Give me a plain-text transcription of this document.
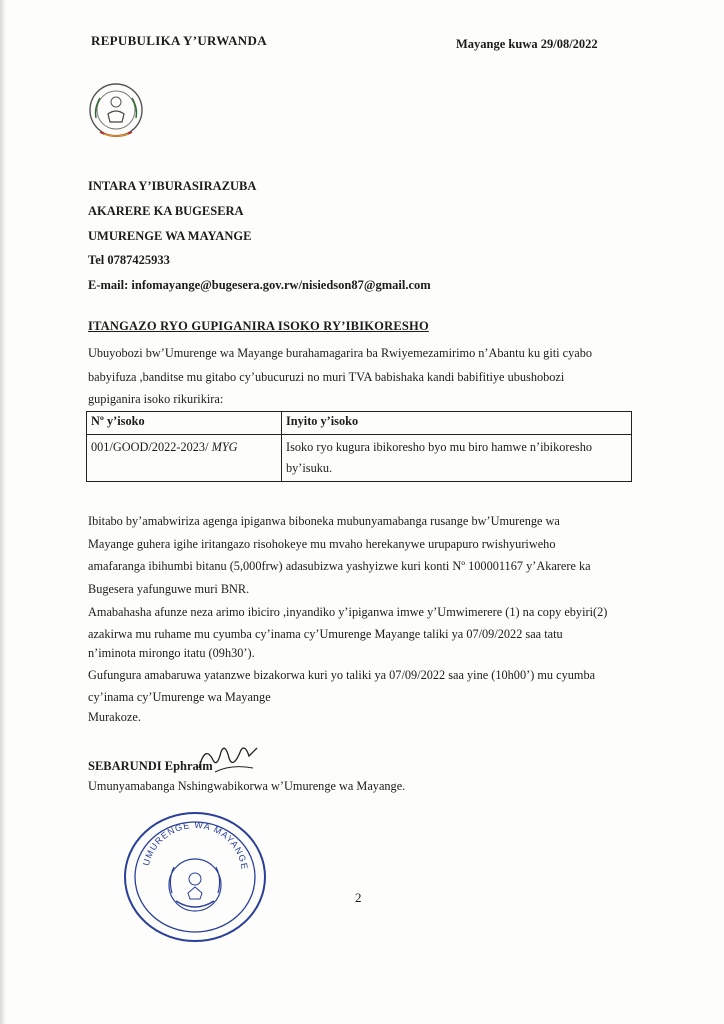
REPUBULIKA Y’URWANDA	Mayange kuwa 29/08/2022
INTARA Y’IBURASIRAZUBA
AKARERE KA BUGESERA
UMURENGE WA MAYANGE
Tel 0787425933
E-mail: infomayange@bugesera.gov.rw/nisiedson87@gmail.com
ITANGAZO RYO GUPIGANIRA ISOKO RY’IBIKORESHO
Ubuyobozi bw’Umurenge wa Mayange burahamagarira ba Rwiyemezamirimo n’Abantu ku giti cyabo
babyifuza ,banditse mu gitabo cy’ubucuruzi no muri TVA babishaka kandi babifitiye ubushobozi
gupiganira isoko rikurikira:
Nº y’isoko	Inyito y’isoko
001/GOOD/2022-2023/ MYG	Isoko ryo kugura ibikoresho byo mu biro hamwe n’ibikoresho
by’isuku.
Ibitabo by’amabwiriza agenga ipiganwa biboneka mubunyamabanga rusange bw’Umurenge wa
Mayange guhera igihe iritangazo risohokeye mu mvaho herekanywe urupapuro rwishyuriweho
amafaranga ibihumbi bitanu (5,000frw) adasubizwa yashyizwe kuri konti Nº 100001167 y’Akarere ka
Bugesera yafunguwe muri BNR.
Amabahasha afunze neza arimo ibiciro ,inyandiko y’ipiganwa imwe y’Umwimerere (1) na copy ebyiri(2)
azakirwa mu ruhame mu cyumba cy’inama cy’Umurenge Mayange taliki ya 07/09/2022 saa tatu
n’iminota mirongo itatu (09h30’).
Gufungura amabaruwa yatanzwe bizakorwa kuri yo taliki ya 07/09/2022 saa yine (10h00’) mu cyumba
cy’inama cy’Umurenge wa Mayange
Murakoze.
SEBARUNDI Ephraim
Umunyamabanga Nshingwabikorwa w’Umurenge wa Mayange.
UMURENGE WA MAYANGE
2
